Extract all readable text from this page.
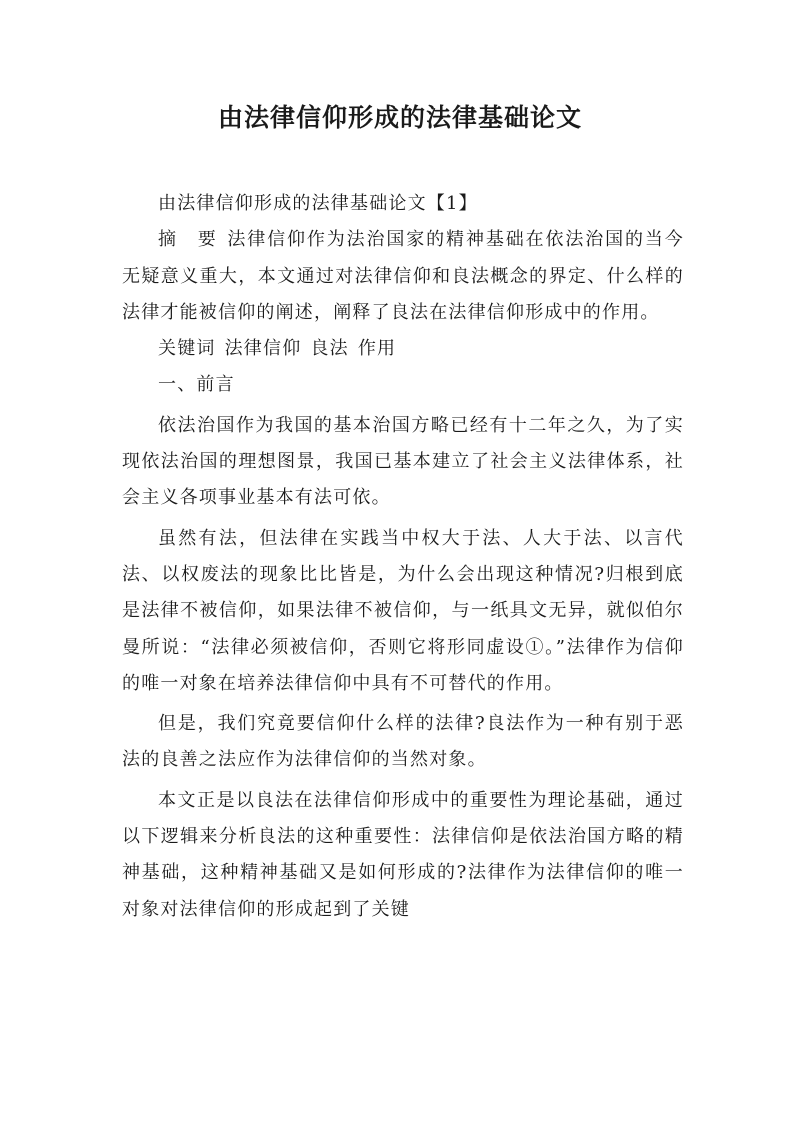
由法律信仰形成的法律基础论文

由法律信仰形成的法律基础论文【1】

摘　要 法律信仰作为法治国家的精神基础在依法治国的当今无疑意义重大，本文通过对法律信仰和良法概念的界定、什么样的法律才能被信仰的阐述，阐释了良法在法律信仰形成中的作用。

关键词 法律信仰 良法 作用

一、前言

依法治国作为我国的基本治国方略已经有十二年之久，为了实现依法治国的理想图景，我国已基本建立了社会主义法律体系，社会主义各项事业基本有法可依。

虽然有法，但法律在实践当中权大于法、人大于法、以言代法、以权废法的现象比比皆是，为什么会出现这种情况?归根到底是法律不被信仰，如果法律不被信仰，与一纸具文无异，就似伯尔曼所说：“法律必须被信仰，否则它将形同虚设①。”法律作为信仰的唯一对象在培养法律信仰中具有不可替代的作用。

但是，我们究竟要信仰什么样的法律?良法作为一种有别于恶法的良善之法应作为法律信仰的当然对象。

本文正是以良法在法律信仰形成中的重要性为理论基础，通过以下逻辑来分析良法的这种重要性：法律信仰是依法治国方略的精神基础，这种精神基础又是如何形成的?法律作为法律信仰的唯一对象对法律信仰的形成起到了关键
